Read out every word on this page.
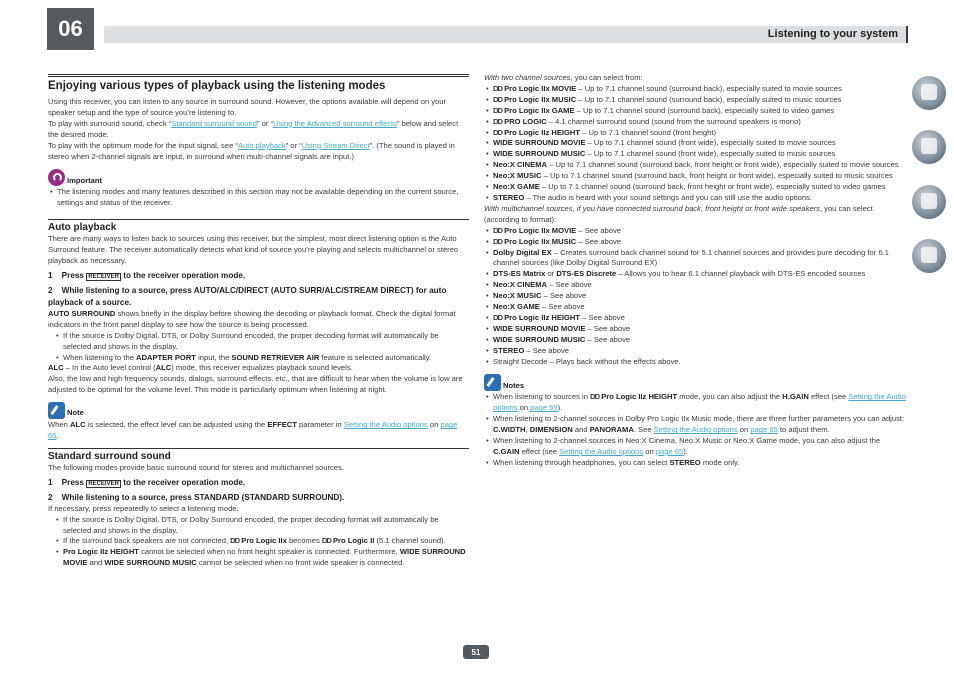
06	Listening to your system
Enjoying various types of playback using the listening modes

Using this receiver, you can listen to any source in surround sound. However, the options available will depend on your speaker setup and the type of source you’re listening to.

To play with surround sound, check “Standard surround sound” or “Using the Advanced surround effects” below and select the desired mode.

To play with the optimum mode for the input signal, see “Auto playback” or “Using Stream Direct”. (The sound is played in stereo when 2-channel signals are input, in surround when multi-channel signals are input.)

Important
• The listening modes and many features described in this section may not be available depending on the current source, settings and status of the receiver.
Auto playback

There are many ways to listen back to sources using this receiver, but the simplest, most direct listening option is the Auto Surround feature. The receiver automatically detects what kind of source you’re playing and selects multichannel or stereo playback as necessary.

1 Press RECEIVER to the receiver operation mode.
2 While listening to a source, press AUTO/ALC/DIRECT (AUTO SURR/ALC/STREAM DIRECT) for auto playback of a source.

AUTO SURROUND shows briefly in the display before showing the decoding or playback format. Check the digital format indicators in the front panel display to see how the source is being processed.

• If the source is Dolby Digital, DTS, or Dolby Surround encoded, the proper decoding format will automatically be selected and shows in the display.
• When listening to the ADAPTER PORT input, the SOUND RETRIEVER AIR feature is selected automatically.

ALC – In the Auto level control (ALC) mode, this receiver equalizes playback sound levels.

Also, the low and high frequency sounds, dialogs, surround effects, etc., that are difficult to hear when the volume is low are adjusted to be optimal for the volume level. This mode is particularly optimum when listening at night.

Note

When ALC is selected, the effect level can be adjusted using the EFFECT parameter in Setting the Audio options on page 65.

Standard surround sound

The following modes provide basic surround sound for stereo and multichannel sources.

1 Press RECEIVER to the receiver operation mode.
2 While listening to a source, press STANDARD (STANDARD SURROUND).

If necessary, press repeatedly to select a listening mode.

• If the source is Dolby Digital, DTS, or Dolby Surround encoded, the proper decoding format will automatically be selected and shows in the display.
• If the surround back speakers are not connected, DD Pro Logic IIx becomes DD Pro Logic II (5.1 channel sound).
• Pro Logic IIz HEIGHT cannot be selected when no front height speaker is connected. Furthermore, WIDE SURROUND MOVIE and WIDE SURROUND MUSIC cannot be selected when no front wide speaker is connected.

With two channel sources, you can select from:

• DD Pro Logic IIx MOVIE – Up to 7.1 channel sound (surround back), especially suited to movie sources
• DD Pro Logic IIx MUSIC – Up to 7.1 channel sound (surround back), especially suited to music sources
• DD Pro Logic IIx GAME – Up to 7.1 channel sound (surround back), especially suited to video games
• DD PRO LOGIC – 4.1 channel surround sound (sound from the surround speakers is mono)
• DD Pro Logic IIz HEIGHT – Up to 7.1 channel sound (front height)
• WIDE SURROUND MOVIE – Up to 7.1 channel sound (front wide), especially suited to movie sources
• WIDE SURROUND MUSIC – Up to 7.1 channel sound (front wide), especially suited to music sources
• Neo:X CINEMA – Up to 7.1 channel sound (surround back, front height or front wide), especially suited to movie sources
• Neo:X MUSIC – Up to 7.1 channel sound (surround back, front height or front wide), especially suited to music sources
• Neo:X GAME – Up to 7.1 channel sound (surround back, front height or front wide), especially suited to video games
• STEREO – The audio is heard with your sound settings and you can still use the audio options.

With multichannel sources, if you have connected surround back, front height or front wide speakers, you can select (according to format):

• DD Pro Logic IIx MOVIE – See above
• DD Pro Logic IIx MUSIC – See above
• Dolby Digital EX – Creates surround back channel sound for 5.1 channel sources and provides pure decoding for 6.1 channel sources (like Dolby Digital Surround EX)
• DTS-ES Matrix or DTS-ES Discrete – Allows you to hear 6.1 channel playback with DTS-ES encoded sources
• Neo:X CINEMA – See above
• Neo:X MUSIC – See above
• Neo:X GAME – See above
• DD Pro Logic IIz HEIGHT – See above
• WIDE SURROUND MOVIE – See above
• WIDE SURROUND MUSIC – See above
• STEREO – See above
• Straight Decode – Plays back without the effects above.
Notes
• When listening to sources in DD Pro Logic IIz HEIGHT mode, you can also adjust the H.GAIN effect (see Setting the Audio options on page 65).
• When listening to 2-channel sources in Dolby Pro Logic IIx Music mode, there are three further parameters you can adjust: C.WIDTH, DIMENSION and PANORAMA. See Setting the Audio options on page 65 to adjust them.
• When listening to 2-channel sources in Neo:X Cinema, Neo:X Music or Neo:X Game mode, you can also adjust the C.GAIN effect (see Setting the Audio options on page 65).
• When listening through headphones, you can select STEREO mode only.
51
